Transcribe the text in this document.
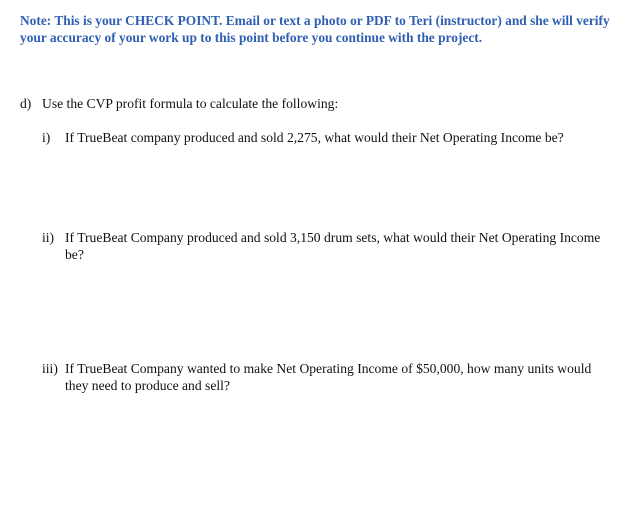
Note: This is your CHECK POINT. Email or text a photo or PDF to Teri (instructor) and she will verify your accuracy of your work up to this point before you continue with the project.
d) Use the CVP profit formula to calculate the following:
i) If TrueBeat company produced and sold 2,275, what would their Net Operating Income be?
ii) If TrueBeat Company produced and sold 3,150 drum sets, what would their Net Operating Income be?
iii) If TrueBeat Company wanted to make Net Operating Income of $50,000, how many units would they need to produce and sell?
